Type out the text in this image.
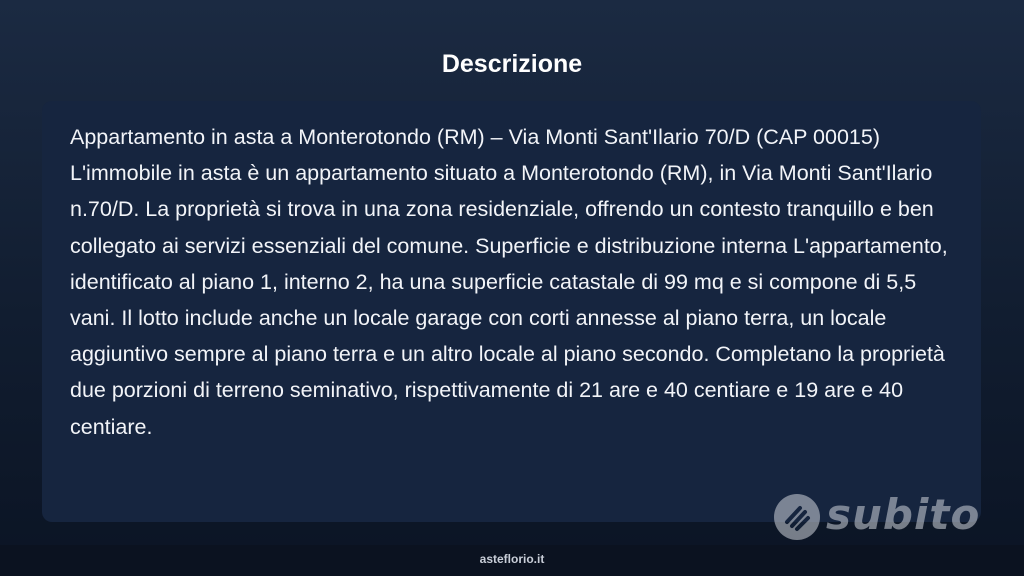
Descrizione

Appartamento in asta a Monterotondo (RM) – Via Monti Sant'Ilario 70/D (CAP 00015) L'immobile in asta è un appartamento situato a Monterotondo (RM), in Via Monti Sant'Ilario n.70/D. La proprietà si trova in una zona residenziale, offrendo un contesto tranquillo e ben collegato ai servizi essenziali del comune. Superficie e distribuzione interna L'appartamento, identificato al piano 1, interno 2, ha una superficie catastale di 99 mq e si compone di 5,5 vani. Il lotto include anche un locale garage con corti annesse al piano terra, un locale aggiuntivo sempre al piano terra e un altro locale al piano secondo. Completano la proprietà due porzioni di terreno seminativo, rispettivamente di 21 are e 40 centiare e 19 are e 40 centiare.

subito
asteflorio.it
